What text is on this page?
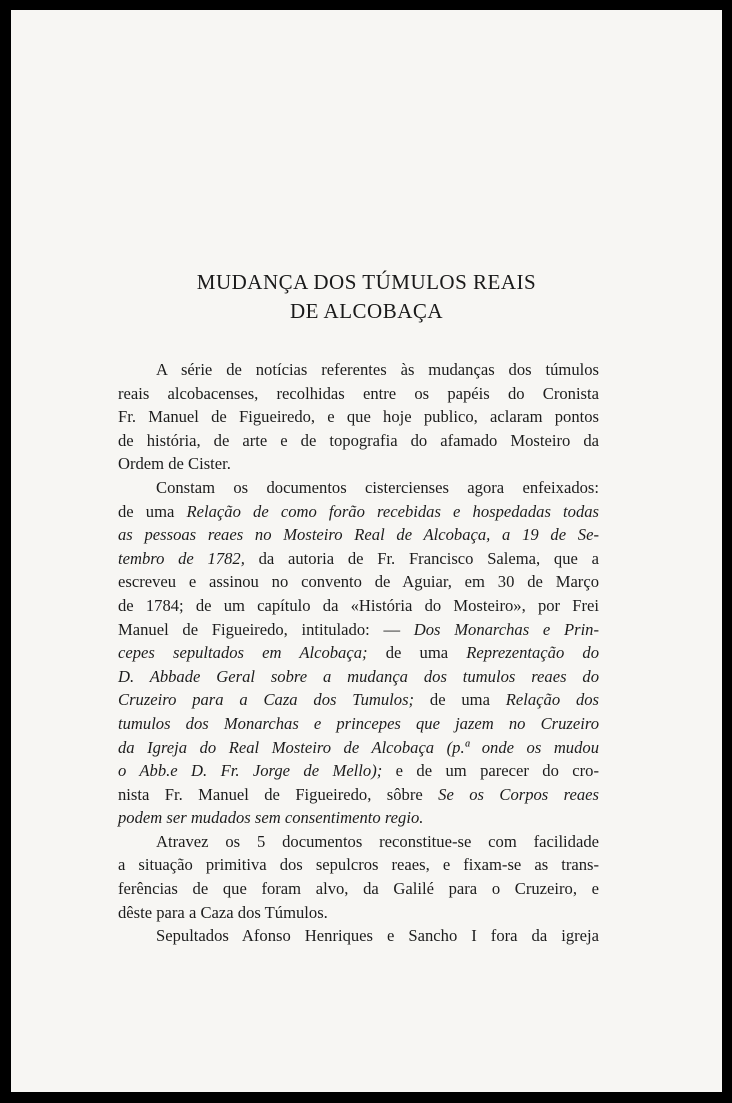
MUDANÇA DOS TÚMULOS REAIS
DE ALCOBAÇA
A série de notícias referentes às mudanças dos túmulos
reais alcobacenses, recolhidas entre os papéis do Cronista
Fr. Manuel de Figueiredo, e que hoje publico, aclaram pontos
de história, de arte e de topografia do afamado Mosteiro da
Ordem de Cister.
Constam os documentos cistercienses agora enfeixados:
de uma Relação de como forão recebidas e hospedadas todas
as pessoas reaes no Mosteiro Real de Alcobaça, a 19 de Se-
tembro de 1782, da autoria de Fr. Francisco Salema, que a
escreveu e assinou no convento de Aguiar, em 30 de Março
de 1784; de um capítulo da «História do Mosteiro», por Frei
Manuel de Figueiredo, intitulado: — Dos Monarchas e Prin-
cepes sepultados em Alcobaça; de uma Reprezentação do
D. Abbade Geral sobre a mudança dos tumulos reaes do
Cruzeiro para a Caza dos Tumulos; de uma Relação dos
tumulos dos Monarchas e princepes que jazem no Cruzeiro
da Igreja do Real Mosteiro de Alcobaça (p.ª onde os mudou
o Abb.e D. Fr. Jorge de Mello); e de um parecer do cro-
nista Fr. Manuel de Figueiredo, sôbre Se os Corpos reaes
podem ser mudados sem consentimento regio.
Atravez os 5 documentos reconstitue-se com facilidade
a situação primitiva dos sepulcros reaes, e fixam-se as trans-
ferências de que foram alvo, da Galilé para o Cruzeiro, e
dêste para a Caza dos Túmulos.
Sepultados Afonso Henriques e Sancho I fora da igreja
